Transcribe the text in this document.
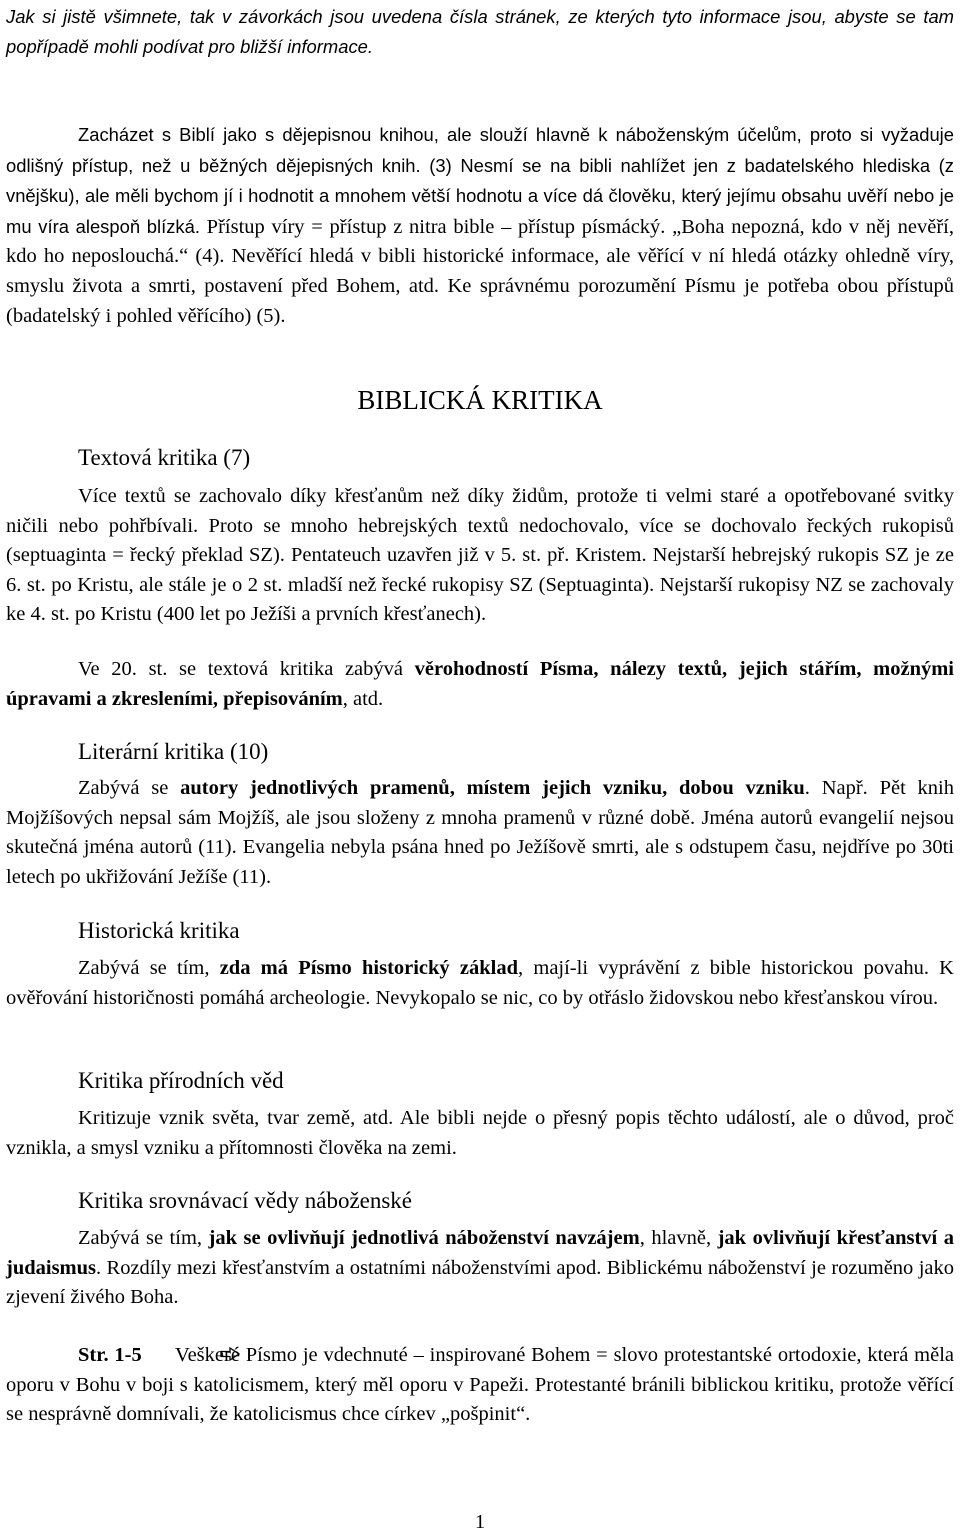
Jak si jistě všimnete, tak v závorkách jsou uvedena čísla stránek, ze kterých tyto informace jsou, abyste se tam popřípadě mohli podívat pro bližší informace.

Zacházet s Biblí jako s dějepisnou knihou, ale slouží hlavně k náboženským účelům, proto si vyžaduje odlišný přístup, než u běžných dějepisných knih. (3) Nesmí se na bibli nahlížet jen z badatelského hlediska (z vnějšku), ale měli bychom jí i hodnotit a mnohem větší hodnotu a více dá člověku, který jejímu obsahu uvěří nebo je mu víra alespoň blízká. Přístup víry = přístup z nitra bible – přístup písmácký. „Boha nepozná, kdo v něj nevěří, kdo ho neposlouchá.“ (4). Nevěřící hledá v bibli historické informace, ale věřící v ní hledá otázky ohledně víry, smyslu života a smrti, postavení před Bohem, atd. Ke správnému porozumění Písmu je potřeba obou přístupů (badatelský i pohled věřícího) (5).

BIBLICKÁ KRITIKA
Textová kritika (7)

Více textů se zachovalo díky křesťanům než díky židům, protože ti velmi staré a opotřebované svitky ničili nebo pohřbívali. Proto se mnoho hebrejských textů nedochovalo, více se dochovalo řeckých rukopisů (septuaginta = řecký překlad SZ). Pentateuch uzavřen již v 5. st. př. Kristem. Nejstarší hebrejský rukopis SZ je ze 6. st. po Kristu, ale stále je o 2 st. mladší než řecké rukopisy SZ (Septuaginta). Nejstarší rukopisy NZ se zachovaly ke 4. st. po Kristu (400 let po Ježíši a prvních křesťanech).

Ve 20. st. se textová kritika zabývá věrohodností Písma, nálezy textů, jejich stářím, možnými úpravami a zkresleními, přepisováním, atd.

Literární kritika (10)

Zabývá se autory jednotlivých pramenů, místem jejich vzniku, dobou vzniku. Např. Pět knih Mojžíšových nepsal sám Mojžíš, ale jsou složeny z mnoha pramenů v různé době. Jména autorů evangelií nejsou skutečná jména autorů (11). Evangelia nebyla psána hned po Ježíšově smrti, ale s odstupem času, nejdříve po 30ti letech po ukřižování Ježíše (11).

Historická kritika

Zabývá se tím, zda má Písmo historický základ, mají-li vyprávění z bible historickou povahu. K ověřování historičnosti pomáhá archeologie. Nevykopalo se nic, co by otřáslo židovskou nebo křesťanskou vírou.

Kritika přírodních věd

Kritizuje vznik světa, tvar země, atd. Ale bibli nejde o přesný popis těchto událostí, ale o důvod, proč vznikla, a smysl vzniku a přítomnosti člověka na zemi.

Kritika srovnávací vědy náboženské

Zabývá se tím, jak se ovlivňují jednotlivá náboženství navzájem, hlavně, jak ovlivňují křesťanství a judaismus. Rozdíly mezi křesťanstvím a ostatními náboženstvími apod. Biblickému náboženství je rozuměno jako zjevení živého Boha.

Str. 1-5  Veškeré Písmo je vdechnuté – inspirované Bohem = slovo protestantské ortodoxie, která měla oporu v Bohu v boji s katolicismem, který měl oporu v Papeži. Protestanté bránili biblickou kritiku, protože věřící se nesprávně domnívali, že katolicismus chce církev „pošpinit“.

1
